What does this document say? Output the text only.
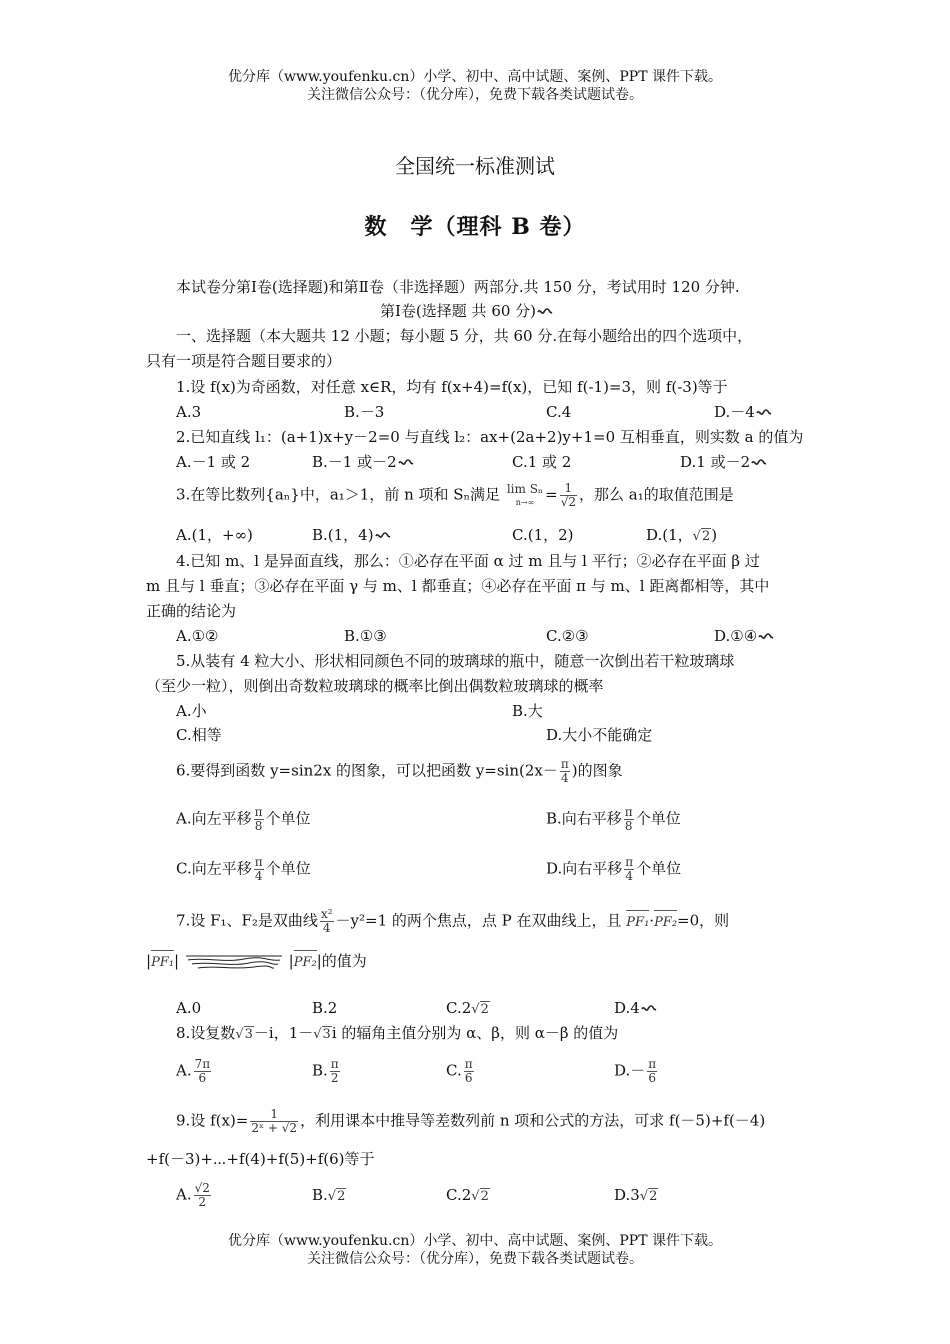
优分库（www.youfenku.cn）小学、初中、高中试题、案例、PPT 课件下载。
关注微信公众号：（优分库），免费下载各类试题试卷。
全国统一标准测试
数　学（理科 B 卷）
本试卷分第Ⅰ卷(选择题)和第Ⅱ卷（非选择题）两部分.共 150 分，考试用时 120 分钟.
第Ⅰ卷(选择题 共 60 分)
一、选择题（本大题共 12 小题；每小题 5 分，共 60 分.在每小题给出的四个选项中，
只有一项是符合题目要求的）
1.设 f(x)为奇函数，对任意 x∈R，均有 f(x+4)=f(x)，已知 f(-1)=3，则 f(-3)等于
A.3	B.－3	C.4	D.－4
2.已知直线 l₁：(a+1)x+y－2=0 与直线 l₂：ax+(2a+2)y+1=0 互相垂直，则实数 a 的值为
A.－1 或 2	B.－1 或－2	C.1 或 2	D.1 或－2
3.在等比数列{aₙ}中，a₁＞1，前 n 项和 Sₙ满足 lim Sₙ
$n\to\infty = \frac{1}{√2}$ ，那么 a₁的取值范围是
A.(1，+∞)	B.(1，4)	C.(1，2)	D.(1，√2)
4.已知 m、l 是异面直线，那么：①必存在平面 α 过 m 且与 l 平行；②必存在平面 β 过
m 且与 l 垂直；③必存在平面 γ 与 m、l 都垂直；④必存在平面 π 与 m、l 距离都相等，其中
正确的结论为
A.①②	B.①③	C.②③	D.①④
5.从装有 4 粒大小、形状相同颜色不同的玻璃球的瓶中，随意一次倒出若干粒玻璃球
（至少一粒），则倒出奇数粒玻璃球的概率比倒出偶数粒玻璃球的概率
A.小	B.大
C.相等	D.大小不能确定
6.要得到函数 y=sin2x 的图象，可以把函数 $y=\sin(2x- \frac{\pi}{4}$ )的图象
A.向左平移 $\frac{\pi}{8}$ 个单位	B.向右平移 $\frac{\pi}{8}$ 个单位
C.向左平移 $\frac{\pi}{4}$ 个单位	D.向右平移 $\frac{\pi}{4}$ 个单位
7.设 F₁、F₂是双曲线 $\frac{\text{x²}}{4} -y^2=1$ 的两个焦点，点 P 在双曲线上，且 PF₁·PF₂=0，则
|PF₁|	|PF₂|的值为
A.0	B.2	C.2√2	D.4
8.设复数√3－i，1－√3i 的辐角主值分别为 α、β，则 α－β 的值为
A. $\frac{7\pi}{6}$	B. $\frac{\pi}{2}$	C. $\frac{\pi}{6}$	$D.- \frac{\pi}{6}$
9.设 $f(x)= \frac{1}{\text{2ˣ + √2}}$ ，利用课本中推导等差数列前 n 项和公式的方法，可求 f(－5)+f(－4)
+f(－3)+⋯+f(4)+f(5)+f(6)等于
A. $\frac{√2}{2}$	B.√2	C.2√2	D.3√2
优分库（www.youfenku.cn）小学、初中、高中试题、案例、PPT 课件下载。
关注微信公众号：（优分库），免费下载各类试题试卷。
